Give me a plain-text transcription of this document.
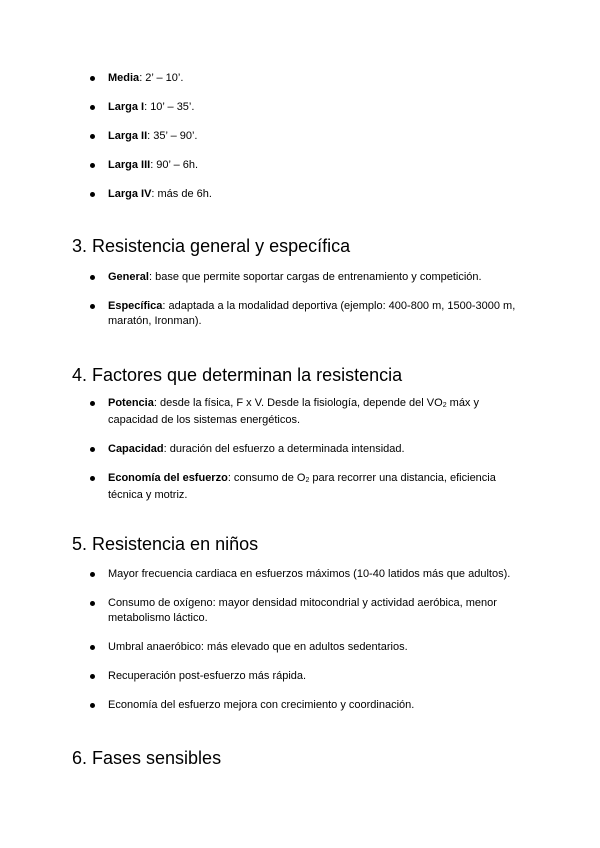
Media: 2’ – 10’.
Larga I: 10’ – 35’.
Larga II: 35’ – 90’.
Larga III: 90’ – 6h.
Larga IV: más de 6h.
3. Resistencia general y específica
General: base que permite soportar cargas de entrenamiento y competición.
Específica: adaptada a la modalidad deportiva (ejemplo: 400-800 m, 1500-3000 m, maratón, Ironman).
4. Factores que determinan la resistencia
Potencia: desde la física, F x V. Desde la fisiología, depende del $VO_2$ máx y capacidad de los sistemas energéticos.
Capacidad: duración del esfuerzo a determinada intensidad.
Economía del esfuerzo: consumo de $O_2$ para recorrer una distancia, eficiencia técnica y motriz.
5. Resistencia en niños
Mayor frecuencia cardiaca en esfuerzos máximos (10-40 latidos más que adultos).
Consumo de oxígeno: mayor densidad mitocondrial y actividad aeróbica, menor metabolismo láctico.
Umbral anaeróbico: más elevado que en adultos sedentarios.
Recuperación post-esfuerzo más rápida.
Economía del esfuerzo mejora con crecimiento y coordinación.
6. Fases sensibles
